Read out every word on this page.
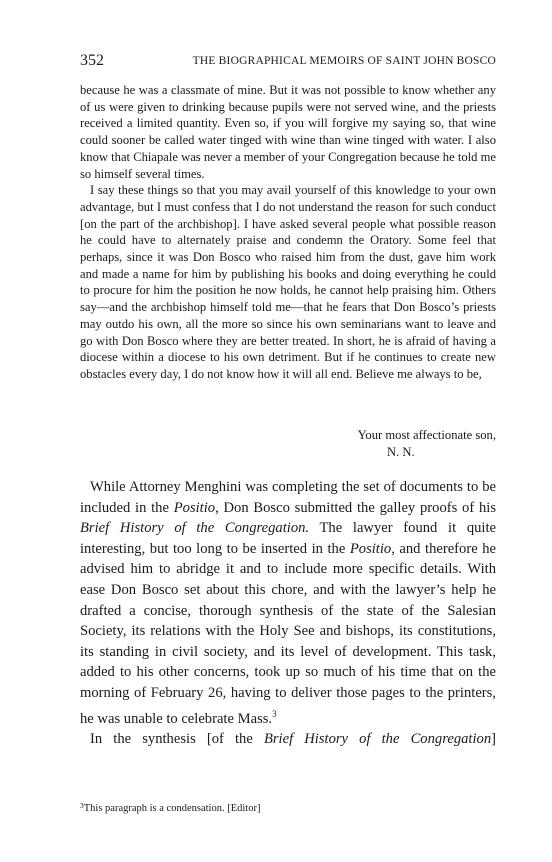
352	THE BIOGRAPHICAL MEMOIRS OF SAINT JOHN BOSCO

because he was a classmate of mine. But it was not possible to know whether any of us were given to drinking because pupils were not served wine, and the priests received a limited quantity. Even so, if you will forgive my saying so, that wine could sooner be called water tinged with wine than wine tinged with water. I also know that Chiapale was never a member of your Congregation because he told me so himself several times.

I say these things so that you may avail yourself of this knowledge to your own advantage, but I must confess that I do not understand the reason for such conduct [on the part of the archbishop]. I have asked several people what possible reason he could have to alternately praise and condemn the Oratory. Some feel that perhaps, since it was Don Bosco who raised him from the dust, gave him work and made a name for him by publishing his books and doing everything he could to procure for him the position he now holds, he cannot help praising him. Others say—and the archbishop himself told me—that he fears that Don Bosco’s priests may outdo his own, all the more so since his own seminarians want to leave and go with Don Bosco where they are better treated. In short, he is afraid of having a diocese within a diocese to his own detriment. But if he continues to create new obstacles every day, I do not know how it will all end. Believe me always to be,

Your most affectionate son,
N. N.

While Attorney Menghini was completing the set of documents to be included in the Positio, Don Bosco submitted the galley proofs of his Brief History of the Congregation. The lawyer found it quite interesting, but too long to be inserted in the Positio, and therefore he advised him to abridge it and to include more specific details. With ease Don Bosco set about this chore, and with the lawyer’s help he drafted a concise, thorough synthesis of the state of the Salesian Society, its relations with the Holy See and bishops, its constitutions, its standing in civil society, and its level of development. This task, added to his other concerns, took up so much of his time that on the morning of February 26, having to deliver those pages to the printers, he was unable to celebrate Mass.$^3$

In the synthesis [of the Brief History of the Congregation]

$^3$This paragraph is a condensation. [Editor]
